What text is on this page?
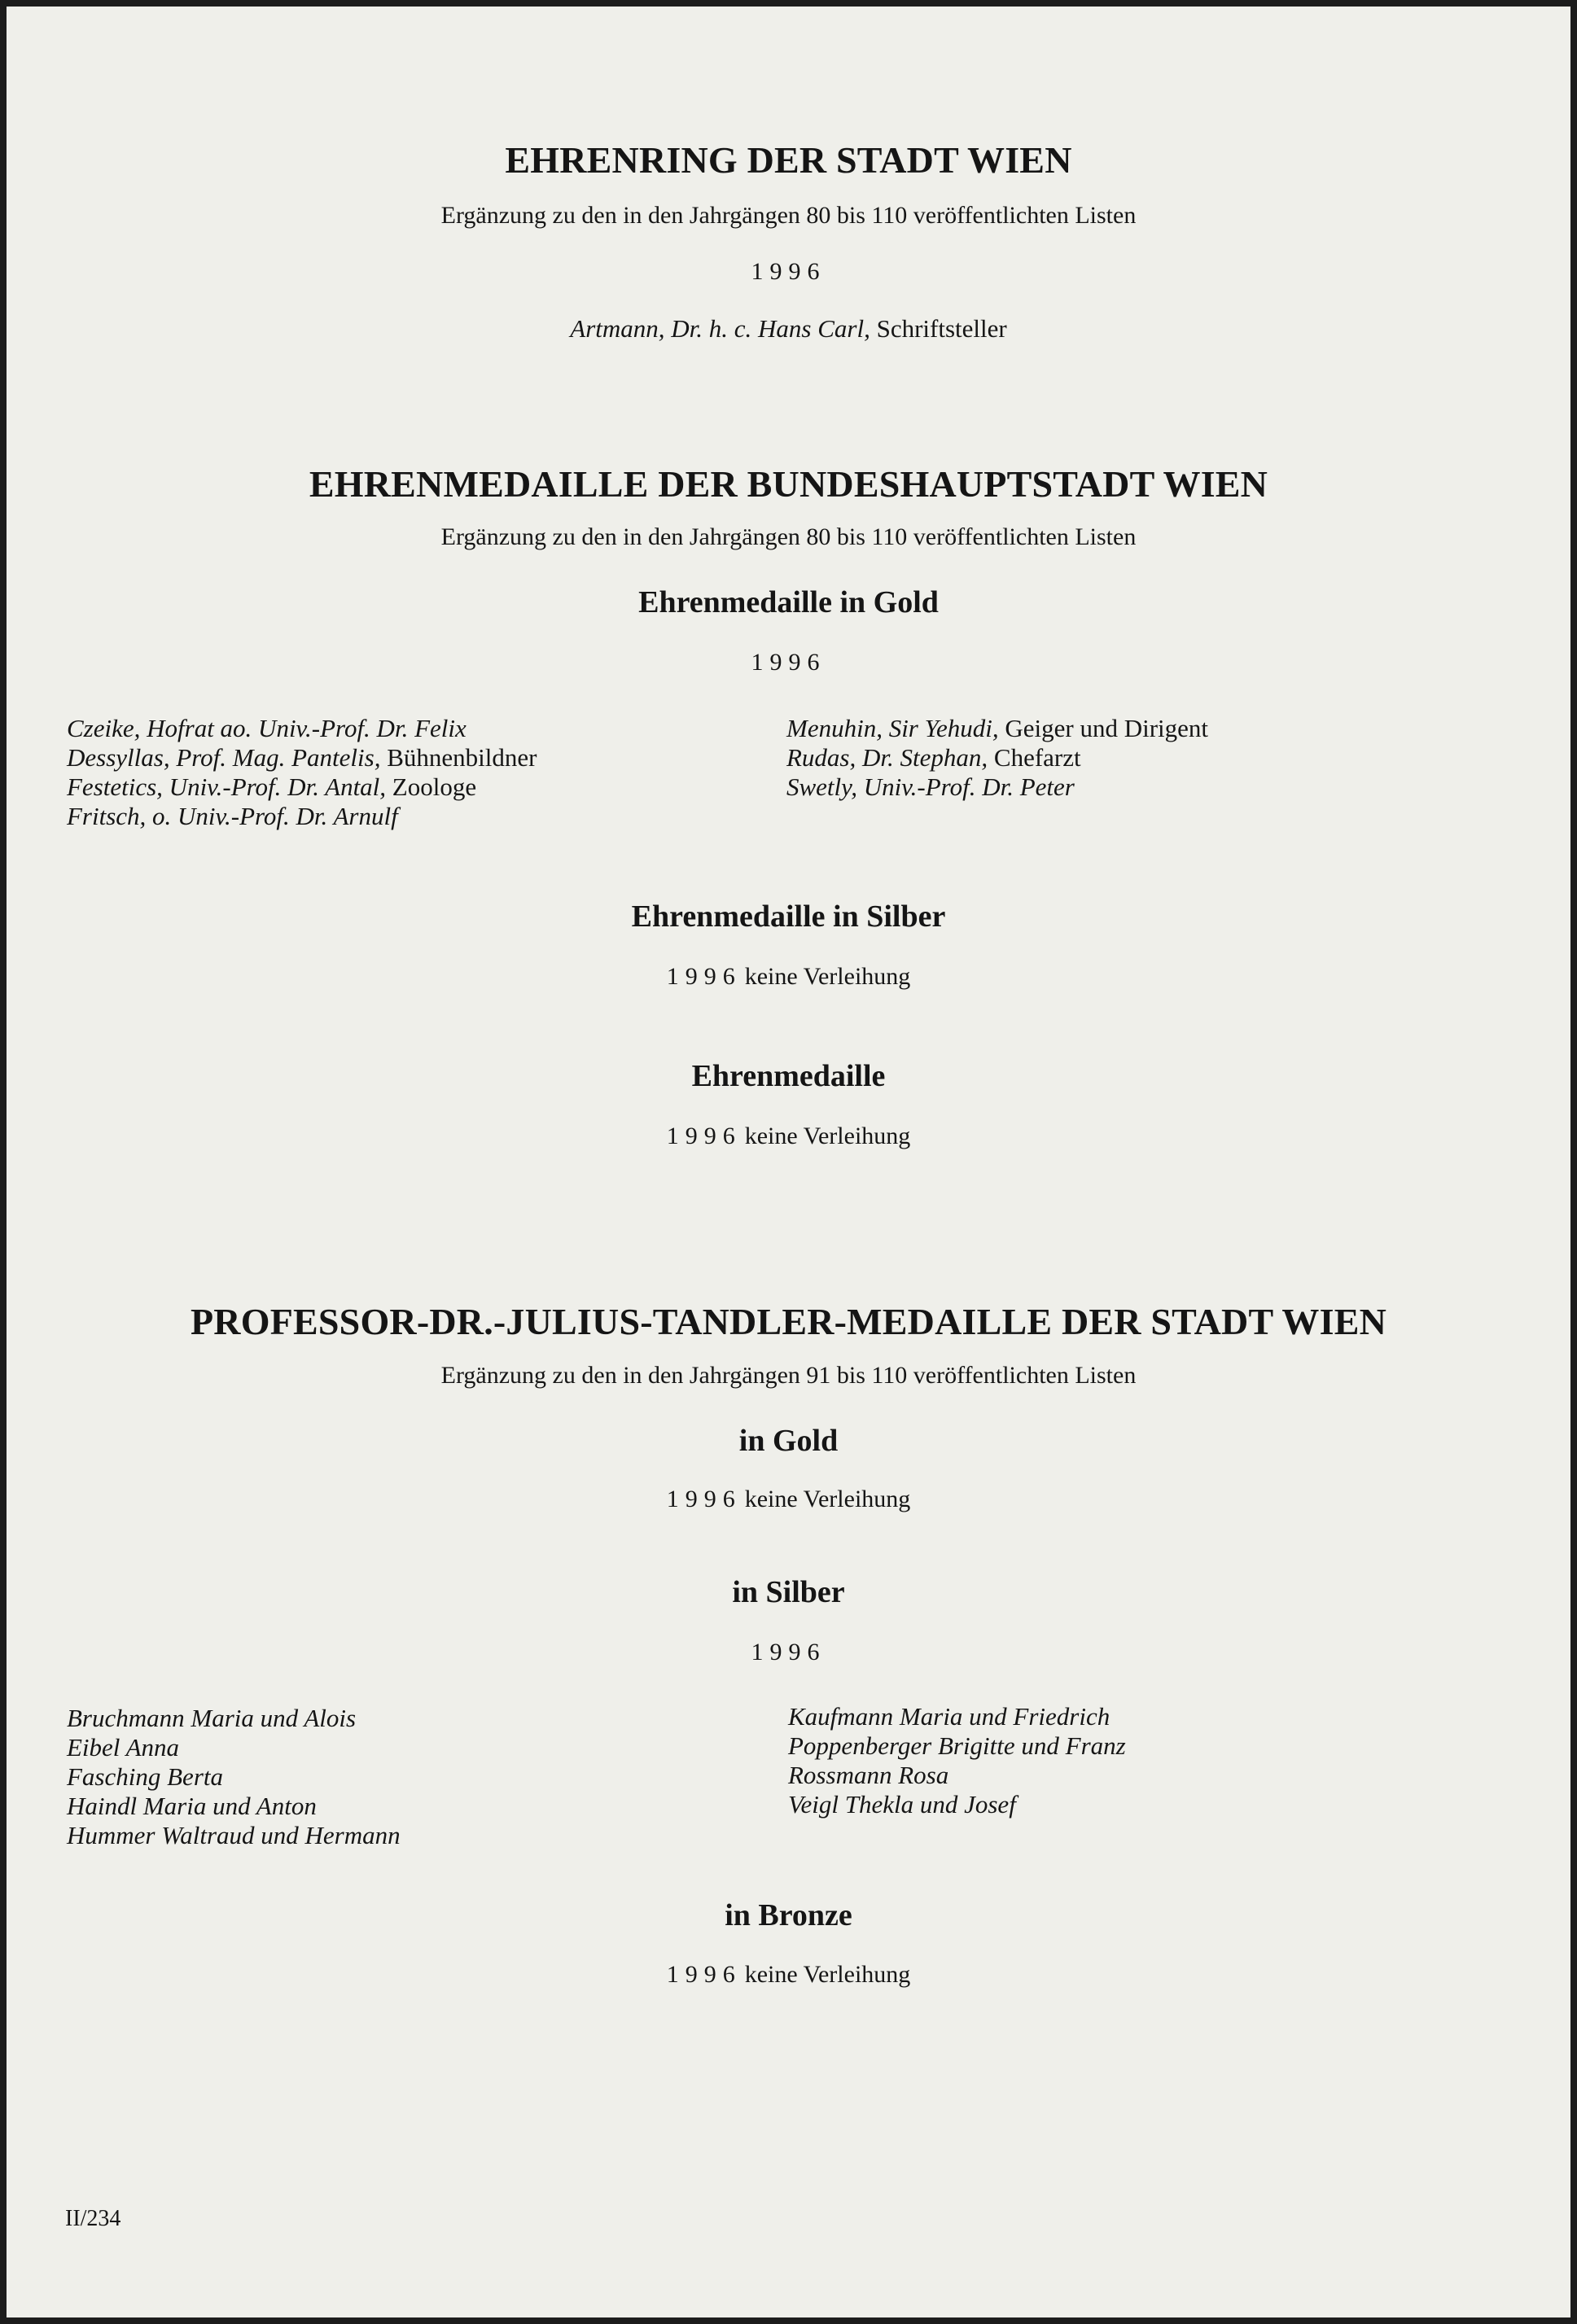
EHRENRING DER STADT WIEN
Ergänzung zu den in den Jahrgängen 80 bis 110 veröffentlichten Listen
1996
Artmann, Dr. h. c. Hans Carl, Schriftsteller
EHRENMEDAILLE DER BUNDESHAUPTSTADT WIEN
Ergänzung zu den in den Jahrgängen 80 bis 110 veröffentlichten Listen
Ehrenmedaille in Gold
1996
Czeike, Hofrat ao. Univ.-Prof. Dr. Felix
Dessyllas, Prof. Mag. Pantelis, Bühnenbildner
Festetics, Univ.-Prof. Dr. Antal, Zoologe
Fritsch, o. Univ.-Prof. Dr. Arnulf
Menuhin, Sir Yehudi, Geiger und Dirigent
Rudas, Dr. Stephan, Chefarzt
Swetly, Univ.-Prof. Dr. Peter
Ehrenmedaille in Silber
1996 keine Verleihung
Ehrenmedaille
1996 keine Verleihung
PROFESSOR-DR.-JULIUS-TANDLER-MEDAILLE DER STADT WIEN
Ergänzung zu den in den Jahrgängen 91 bis 110 veröffentlichten Listen
in Gold
1996 keine Verleihung
in Silber
1996
Bruchmann Maria und Alois
Eibel Anna
Fasching Berta
Haindl Maria und Anton
Hummer Waltraud und Hermann
Kaufmann Maria und Friedrich
Poppenberger Brigitte und Franz
Rossmann Rosa
Veigl Thekla und Josef
in Bronze
1996 keine Verleihung
II/234
